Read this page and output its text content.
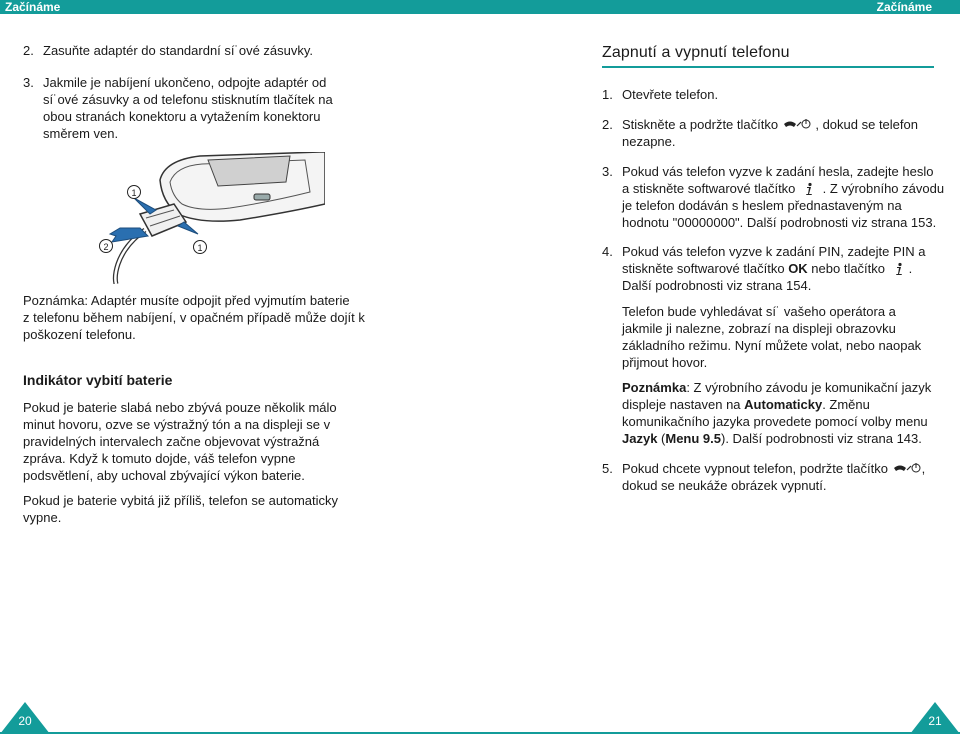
Začínáme	Začínáme
2. Zasuňte adaptér do standardní sí˙ové zásuvky.
3. Jakmile je nabíjení ukončeno, odpojte adaptér od
sí˙ové zásuvky a od telefonu stisknutím tlačítek na
obou stranách konektoru a vytažením konektoru
směrem ven.
1
2	1
Poznámka: Adaptér musíte odpojit před vyjmutím baterie
z telefonu během nabíjení, v opačném případě může dojít k
poškození telefonu.
Indikátor vybití baterie
Pokud je baterie slabá nebo zbývá pouze několik málo
minut hovoru, ozve se výstražný tón a na displeji se v
pravidelných intervalech začne objevovat výstražná
zpráva. Když k tomuto dojde, váš telefon vypne
podsvětlení, aby uchoval zbývající výkon baterie.
Pokud je baterie vybitá již příliš, telefon se automaticky
vypne.
Zapnutí a vypnutí telefonu
1. Otevřete telefon.
2. Stiskněte a podržte tlačítko	, dokud se telefon
nezapne.
3. Pokud vás telefon vyzve k zadání hesla, zadejte heslo
a stiskněte softwarové tlačítko . Z výrobního závodu
je telefon dodáván s heslem přednastaveným na
hodnotu "00000000". Další podrobnosti viz strana 153.
4. Pokud vás telefon vyzve k zadání PIN, zadejte PIN a
stiskněte softwarové tlačítko OK nebo tlačítko .
Další podrobnosti viz strana 154.
Telefon bude vyhledávat sí˙ vašeho operátora a
jakmile ji nalezne, zobrazí na displeji obrazovku
základního režimu. Nyní můžete volat, nebo naopak
přijmout hovor.
Poznámka: Z výrobního závodu je komunikační jazyk
displeje nastaven na Automaticky. Změnu
komunikačního jazyka provedete pomocí volby menu
Jazyk (Menu 9.5). Další podrobnosti viz strana 143.
5. Pokud chcete vypnout telefon, podržte tlačítko	,
dokud se neukáže obrázek vypnutí.
20	21
